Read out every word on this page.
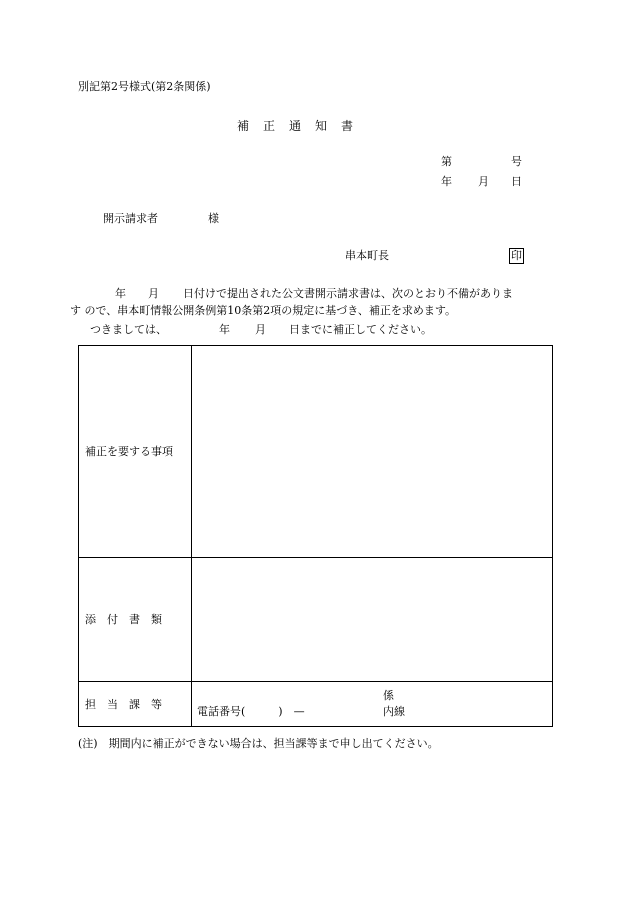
別記第2号様式(第2条関係)
補　正　通　知　書
第	号
年 月 日
開示請求者	様
串本町長	印
年 月 日付けで提出された公文書開示請求書は、次のとおり不備がありま
す ので、串本町情報公開条例第10条第2項の規定に基づき、補正を求めます。
つきましては、	年 月 日までに補正してください。
補正を要する事項	
添　付　書　類	
担　当　課　等	係
電話番号(　　　)　— 内線
(注)　期間内に補正ができない場合は、担当課等まで申し出てください。
